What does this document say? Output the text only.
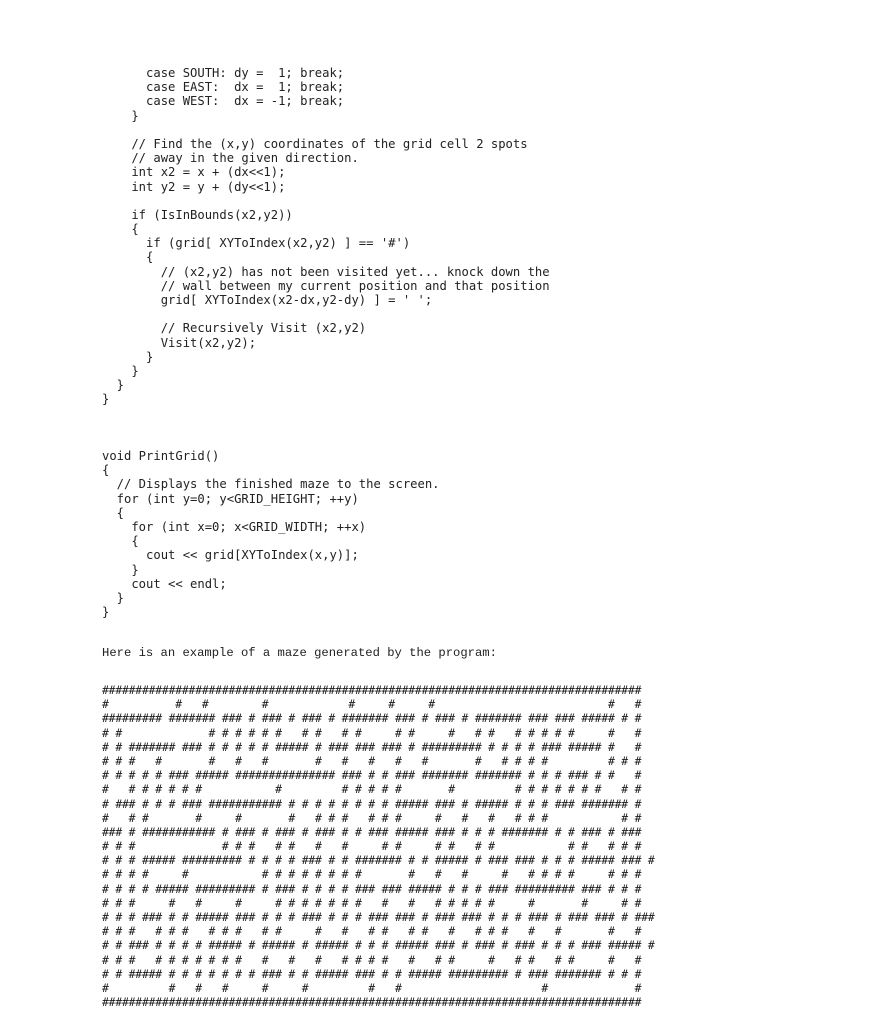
case SOUTH: dy =  1; break;
case EAST:  dx =  1; break;
case WEST:  dx = -1; break;
}
// Find the (x,y) coordinates of the grid cell 2 spots
// away in the given direction.
int x2 = x + (dx<<1);
int y2 = y + (dy<<1);
if (IsInBounds(x2,y2))
{
if (grid[ XYToIndex(x2,y2) ] == '#')
{
// (x2,y2) has not been visited yet... knock down the
// wall between my current position and that position
grid[ XYToIndex(x2-dx,y2-dy) ] = ' ';
// Recursively Visit (x2,y2)
Visit(x2,y2);
}
}
}
}
void PrintGrid()
{
// Displays the finished maze to the screen.
for (int y=0; y<GRID_HEIGHT; ++y)
{
for (int x=0; x<GRID_WIDTH; ++x)
{
cout << grid[XYToIndex(x,y)];
}
cout << endl;
}
}
Here is an example of a maze generated by the program:
#################################################################################
#          #   #        #            #     #     #                          #   #
######### ####### ### # ### # ### # ####### ### # ### # ####### ### ### ##### # #
# #             # # # # # #   # #   # #     # #     #   # #   # # # # #     #   #
# # ####### ### # # # # # ##### # ### ### ### # ######### # # # # ### ##### #   #
# # #   #       #   #   #       #   #   #   #   #       #   # # # #         # # #
# # # # # ### ##### ############### ### # # ### ####### ####### # # # ### # #   #
#   # # # # # #           #         # # # # #       #         # # # # # # #   # #
# ### # # # ### ########### # # # # # # # # ##### ### # ##### # # # ### ####### #
#   # #       #     #       #   # # #   # # #     #   #   #   # # #           # #
### # ########### # ### # ### # ### # # ### ##### ### # # # ####### # # ### # ###
# # #             # # #   # #   #   #     # #     # #   # #           # #   # # #
# # # ##### ######### # # # # ### # # ####### # # ##### # ### ### # # # ##### ### #
# # # #     #           # # # # # # # #       #   #   #     #   # # # #     # # #
# # # # ##### ######### # ### # # # # ### ### ##### # # # ### ######### ### # # #
# # #     #   #     #     # # # # # # #   #   #   # # # # #     #       #     # #
# # # ### # # ##### ### # # # ### # # # ### ### # ### ### # # # ### # ### ### # ###
# # #   # # #   # # #   # #     #   #   # #   # #   #   # # #   #   #       #   #
# # ### # # # # ##### # ##### # ##### # # # ##### ### # ### # ### # # # ### ##### #
# # #   # # # # # # #   #   #   #   # # # #   #   # #     #   # #   # #     #   #
# # ##### # # # # # # # ### # # ##### ### # # ##### ######### # ### ####### # # #
#         #   #   #     #     #         #   #                     #             #
#################################################################################
